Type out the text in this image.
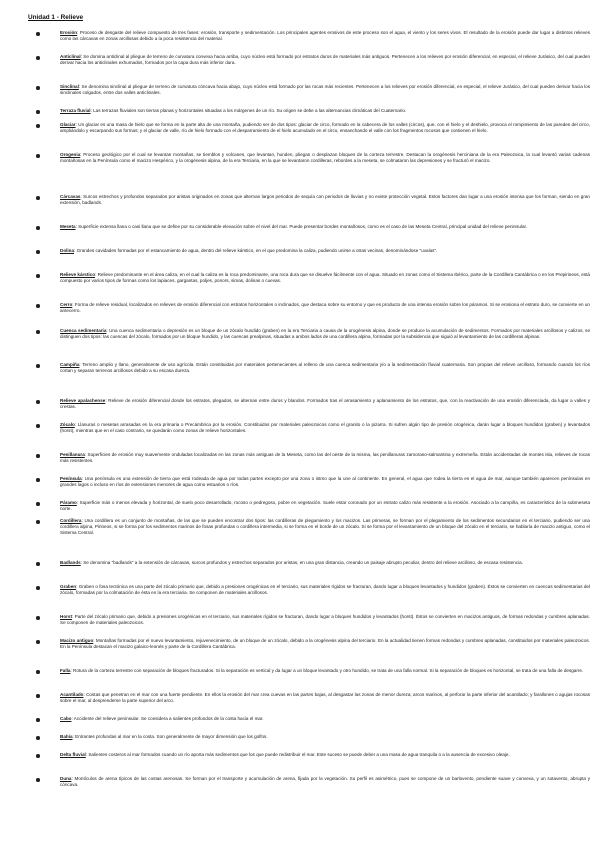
Unidad 1 - Relieve
Erosión: Proceso de desgaste del relieve compuesto de tres fases: erosión, transporte y sedimentación. Los principales agentes erosivos de este proceso son el agua, el viento y los seres vivos. El resultado de la erosión puede dar lugar a distintos relieves como las cárcavas en zonas arcillosas debido a la poca resistencia del material.
Anticlinal: Se domina anticlinal al pliegue de terreno de curvatura convexa hacia arriba, cuyo núcleo está formado por estratos duros de materiales más antiguos. Pertenecen a los relieves por erosión diferencial, en especial, el relieve Jurásico, del cual pueden derivar hacia los anticlinales exhumados, formados por la capa dura más inferior dura.
Sinclinal: Se denomina sinclinal al pliegue de terreno de curvatura cóncava hacia abajo, cuyo núcleo está formado por las rocas más recientes. Pertenecen a los relieves por erosión diferencial, en especial, el relieve Jurásico, del cual pueden derivar hacia los sinclinales colgados, entre dos valles anticlinales.
Terraza fluvial: Las terrazas fluviales son tierras planas y horizontales situadas a los márgenes de un río. Su origen se debe a las alternancias climáticas del Cuaternario.
Glaciar: Un glaciar es una masa de hielo que se forma en la parte alta de una montaña, pudiendo ser de dos tipos: glaciar de circo, formado en la cabecera de los valles (circos), que, con el hielo y el deshielo, provoca el rompimiento de las paredes del circo, ampliándolo y escarpando sus formas; y el glaciar de valle, río de hielo formado con el desparramiento de el hielo acumulado en el circo, ensanchando el valle con los fragmentos rocosos que contienen el hielo.
Orogenia: Proceso geológico por el cual se levantan montañas, se tiemblos y volcanes, que levantan, hunden, pliegan o desplazan bloques de la corteza terrestre. Destacan la orogénesis herciniana de la era Paleozoica, la cual levantó varias cadenas montañosas en la Península como el macizo Hespérico, y la orogénesis alpina, de la era Terciaria, en la que se levantaron cordilleras, rebordes a la meseta, se colmataron las depresiones y se fracturó el macizo.
Cárcavas: Surcos estrechos y profundos separados por aristas originados en zonas que alternan largos periodos de sequía con periodos de lluvias y no existe protección vegetal. Estos factores dan lugar a una erosión intensa que los forman, siendo en gran extensión, badlands.
Meseta: Superficie extensa llana o casi llana que se define por su considerable elevación sobre el nivel del mar. Puede presentar bordes montañosos, como es el caso de las Meseta Central, principal unidad del relieve peninsular.
Dolina: Grandes cavidades formadas por el estancamiento de agua, dentro del relieve kárstico, en el que predomina la caliza, pudiendo unirse a otras vecinas, denominándose "uvalas".
Relieve kárstico: Relieve predominante en el área caliza, en el cual la caliza es la roca predominante, una roca dura que se disuelve fácilmente con el agua. Situado en zonas como el Sistema Ibérico, parte de la Cordillera Cantábrica o en los Prepirineos, está compuesto por varios tipos de formas como los lapiaces, gargantas, poljes, ponors, simas, dolinas o cuevas.
Cerro: Forma de relieve residual, localizados en relieves de erosión diferencial con estratos horizontales o inclinados, que destaca sobre su entorno y que es producto de una intensa erosión sobre los páramos. Si se erosiona el estrato duro, se convierte en un antecerro.
Cuenca sedimentaria: Una cuenca sedimentaria o depresión es un bloque de un zócalo hundido (graben) en la era Terciaria a causa de la orogénesis alpina, donde se produce la acumulación de sedimentos. Formados por materiales arcillosos y calizos, se distinguen dos tipos: las cuencas del zócalo, formados por un bloque hundido, y las cuencas prealpinas, situadas a ambos lados de una cordillera alpina, formadas por la subsidencia que siguió al levantamiento de las cordilleras alpinas.
Campiña: Terreno amplio y llano, generalmente de uso agrícola. Están constituidas por materiales pertenecientes al relleno de una cuenca sedimentaria y/o a la sedimentación fluvial cuaternaria. Son propias del relieve arcilloso, formando cuando los ríos cortan y separan terrenos arcillosos debido a su escasa dureza.
Relieve apalachense: Relieve de erosión diferencial donde los estratos, plegados, se alternan entre duros y blandos. Formados tras el arrasamiento y aplanamiento de los estratos, que, con la reactivación de una erosión diferenciada, da lugar a valles y crestas.
Zócalo: Llanuras o mesetas arrasadas en la era primaria o Precámbrica por la erosión. Constituidos por materiales paleozoicos como el granito o la pizarra. Si sufren algún tipo de presión orogénica, darán lugar a bloques hundidos (graben) y levantados (horst), mientras que en el caso contrario, se quedarán como zonas de relieve horizontales.
Penillanura: Superficies de erosión muy suavemente onduladas localizadas en las zonas más antiguas de la Meseta, como las del oeste de la misma, las penillanuras zamorano-salmantina y extremeña. Están accidentadas de montes isla, relieves de rocas más resistentes.
Península: Una península es una extensión de tierra que está rodeada de agua por todas partes excepto por una zona o istmo que la une al continente. En general, el agua que rodea la tierra es el agua de mar, aunque también aparecen penínsulas en grandes lagos o incluso en ríos de extensiones menores de agua como estuarios o ríos.
Páramo: Superficie más o menos elevada y horizontal, de suelo poco desarrollado, rocoso o pedregoso, pobre en vegetación. Suele estar coronado por un estrato calizo más resistente a la erosión. Asociado a la campiña, es característico de la submeseta norte.
Cordillera: Una cordillera es un conjunto de montañas, de las que se pueden encontrar dos tipos: las cordilleras de plegamiento y los macizos. Las primeras, se forman por el plegamiento de los sedimentos secundarios en el terciario, pudiendo ser una cordillera alpina, Pirineos, si se forma por los sedimentos marinos de fosas profundas o cordillera intermedia, si se forma en el borde de un zócalo. Si se forma por el levantamiento de un bloque del zócalo en el terciario, se hablaría de macizo antiguo, como el Sistema Central.
Badlands: Se denomina "badlands" a la extensión de cárcavas, surcos profundos y estrechos separados por aristas, en una gran distancia, creando un paisaje abrupto peculiar, dentro del relieve arcilloso, de escasa resistencia.
Graben: Graben o fosa tectónica es una parte del zócalo primario que, debido a presiones orogénicas en el terciario, sus materiales rígidos se fracturan, dando lugar a bloques levantados y hundidos (graben). Éstos se convierten en cuencas sedimentarias del zócalo, formadas por la colmatación de ésta en la era terciaria. Se componen de materiales arcillosos.
Horst: Parte del zócalo primario que, debido a presiones orogénicas en el terciario, sus materiales rígidos se fracturan, dando lugar a bloques hundidos y levantados (horst). Éstos se convierten en macizos antiguos, de formas redondas y cumbres aplanadas. Se componen de materiales paleozoicos.
Macizo antiguo: Montañas formadas por el nuevo levantamiento, rejuvenecimiento, de un bloque de un zócalo, debido a la orogénesis alpina del terciario. En la actualidad tienen formas redondas y cumbres aplanadas, constituidos por materiales paleozoicos. En la Península destacan el macizo galaico-leonés y parte de la Cordillera Cantábrica.
Falla: Rotura de la corteza terrestre con separación de bloques fracturados. Si la separación es vertical y da lugar a un bloque levantado y otro hundido, se trata de una falla normal. Si la separación de bloques es horizontal, se trata de una falla de desgarre.
Acantilado: Costas que penetran en el mar con una fuerte pendiente. En ellos la erosión del mar crea cuevas en las partes bajas, al desgastar las zonas de menor dureza; arcos marinos, al perforar la parte inferior del acantilado; y farallones o agujas rocosas sobre el mar, al desprenderse la parte superior del arco.
Cabo: Accidente del relieve peninsular. Se considera a salientes profundos de la costa hacia el mar.
Bahía: Entrantes profundas al mar en la costa. Son generalmente de mayor dimensión que los golfos.
Delta fluvial: Salientes costeros al mar formados cuando un río aporta más sedimentos que los que puede redistribuir el mar. Este suceso se puede deber a una masa de agua tranquila o a la ausencia de excesivo oleaje.
Duna: Montículos de arena típicos de las costas arenosas. Se forman por el transporte y acumulación de arena, fijada por la vegetación. Su perfil es asimétrico, pues se compone de un barlovento, pendiente suave y convexa, y un sotavento, abrupta y cóncava.
